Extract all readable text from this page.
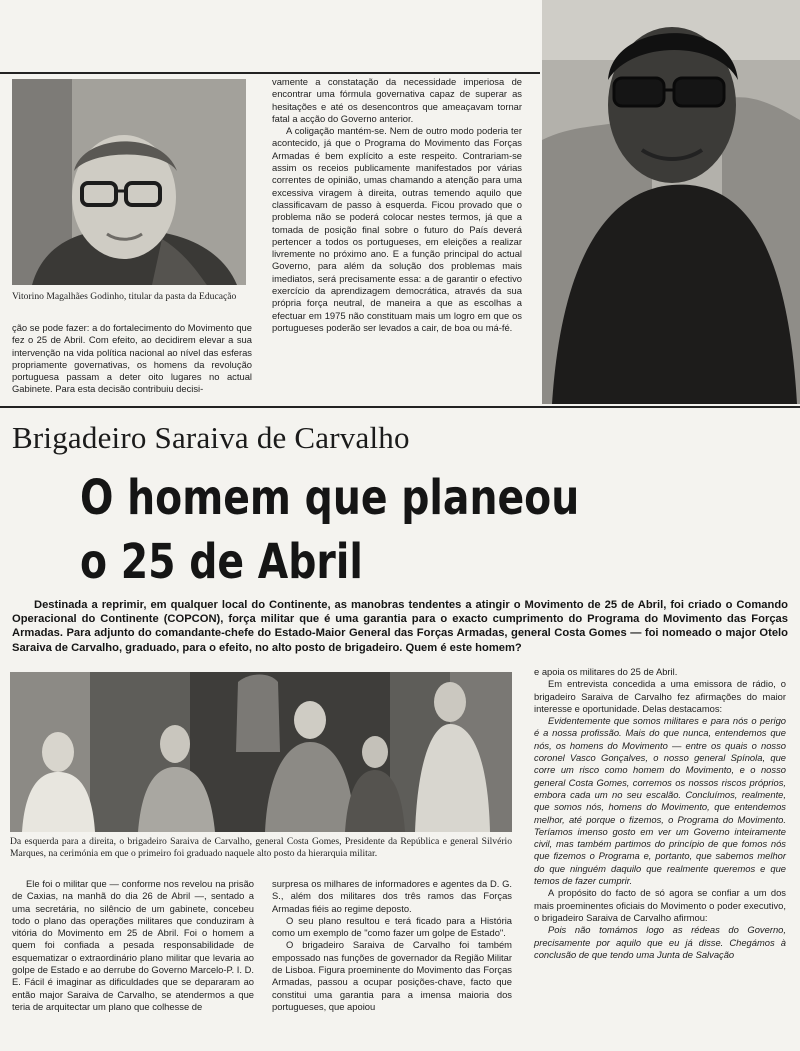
Vitorino Magalhães Godinho, titular da pasta da Educação

ção se pode fazer: a do fortalecimento do Movimento que fez o 25 de Abril. Com efeito, ao decidirem elevar a sua intervenção na vida política nacional ao nível das esferas propriamente governativas, os homens da revolução portuguesa passam a deter oito lugares no actual Gabinete. Para esta decisão contribuiu decisi-

vamente a constatação da necessidade imperiosa de encontrar uma fórmula governativa capaz de superar as hesitações e até os desencontros que ameaçavam tornar fatal a acção do Governo anterior.

A coligação mantém-se. Nem de outro modo poderia ter acontecido, já que o Programa do Movimento das Forças Armadas é bem explícito a este respeito. Contrariam-se assim os receios publicamente manifestados por várias correntes de opinião, umas chamando a atenção para uma excessiva viragem à direita, outras temendo aquilo que classificavam de passo à esquerda. Ficou provado que o problema não se poderá colocar nestes termos, já que a tomada de posição final sobre o futuro do País deverá pertencer a todos os portugueses, em eleições a realizar livremente no próximo ano. E a função principal do actual Governo, para além da solução dos problemas mais imediatos, será precisamente essa: a de garantir o efectivo exercício da aprendizagem democrática, através da sua própria força neutral, de maneira a que as escolhas a efectuar em 1975 não constituam mais um logro em que os portugueses poderão ser levados a cair, de boa ou má-fé.

Brigadeiro Saraiva de Carvalho
O homem que planeou
o 25 de Abril
Destinada a reprimir, em qualquer local do Continente, as manobras tendentes a atingir o Movimento de 25 de Abril, foi criado o Comando Operacional do Continente (COPCON), força militar que é uma garantia para o exacto cumprimento do Programa do Movimento das Forças Armadas. Para adjunto do comandante-chefe do Estado-Maior General das Forças Armadas, general Costa Gomes — foi nomeado o major Otelo Saraiva de Carvalho, graduado, para o efeito, no alto posto de brigadeiro. Quem é este homem?
Da esquerda para a direita, o brigadeiro Saraiva de Carvalho, general Costa Gomes, Presidente da República e general Silvério Marques, na cerimónia em que o primeiro foi graduado naquele alto posto da hierarquia militar.

Ele foi o militar que — conforme nos revelou na prisão de Caxias, na manhã do dia 26 de Abril —, sentado a uma secretária, no silêncio de um gabinete, concebeu todo o plano das operações militares que conduziram à vitória do Movimento em 25 de Abril. Foi o homem a quem foi confiada a pesada responsabilidade de esquematizar o extraordinário plano militar que levaria ao golpe de Estado e ao derrube do Governo Marcelo-P. I. D. E. Fácil é imaginar as dificuldades que se depararam ao então major Saraiva de Carvalho, se atendermos a que teria de arquitectar um plano que colhesse de

surpresa os milhares de informadores e agentes da D. G. S., além dos militares dos três ramos das Forças Armadas fiéis ao regime deposto.

O seu plano resultou e terá ficado para a História como um exemplo de "como fazer um golpe de Estado".

O brigadeiro Saraiva de Carvalho foi também empossado nas funções de governador da Região Militar de Lisboa. Figura proeminente do Movimento das Forças Armadas, passou a ocupar posições-chave, facto que constitui uma garantia para a imensa maioria dos portugueses, que apoiou

e apoia os militares do 25 de Abril.

Em entrevista concedida a uma emissora de rádio, o brigadeiro Saraiva de Carvalho fez afirmações do maior interesse e oportunidade. Delas destacamos:

Evidentemente que somos militares e para nós o perigo é a nossa profissão. Mais do que nunca, entendemos que nós, os homens do Movimento — entre os quais o nosso coronel Vasco Gonçalves, o nosso general Spínola, que corre um risco como homem do Movimento, e o nosso general Costa Gomes, corremos os nossos riscos próprios, embora cada um no seu escalão. Concluímos, realmente, que somos nós, homens do Movimento, que entendemos melhor, até porque o fizemos, o Programa do Movimento. Teríamos imenso gosto em ver um Governo inteiramente civil, mas também partimos do princípio de que fomos nós que fizemos o Programa e, portanto, que sabemos melhor do que ninguém daquilo que realmente queremos e que temos de fazer cumprir.

A propósito do facto de só agora se confiar a um dos mais proeminentes oficiais do Movimento o poder executivo, o brigadeiro Saraiva de Carvalho afirmou:

Pois não tomámos logo as rédeas do Governo, precisamente por aquilo que eu já disse. Chegámos à conclusão de que tendo uma Junta de Salvação
